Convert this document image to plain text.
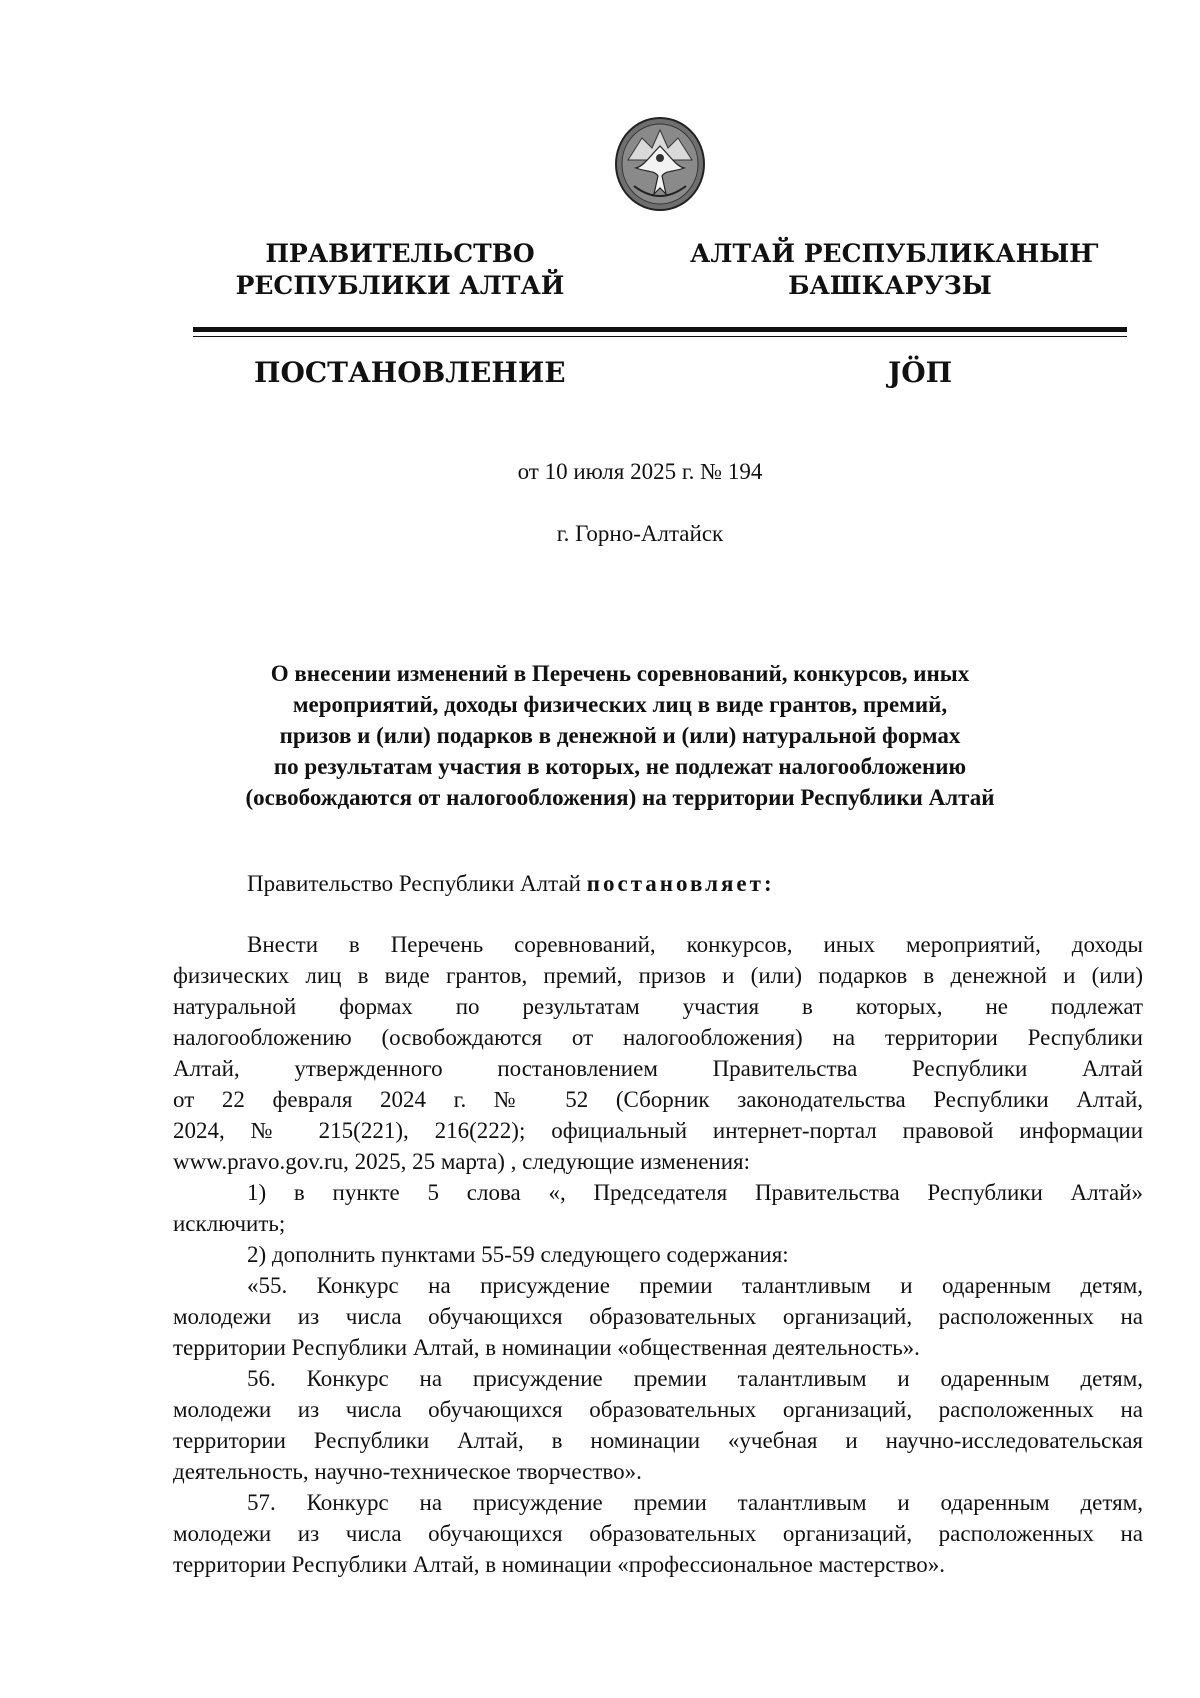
ПРАВИТЕЛЬСТВО
РЕСПУБЛИКИ АЛТАЙ
АЛТАЙ РЕСПУБЛИКАНЫҤ
БАШКАРУЗЫ
ПОСТАНОВЛЕНИЕ	JӦП
от 10 июля 2025 г. № 194
г. Горно-Алтайск
О внесении изменений в Перечень соревнований, конкурсов, иных
мероприятий, доходы физических лиц в виде грантов, премий,
призов и (или) подарков в денежной и (или) натуральной формах
по результатам участия в которых, не подлежат налогообложению
(освобождаются от налогообложения) на территории Республики Алтай

Правительство Республики Алтай постановляет:

Внести в Перечень соревнований, конкурсов, иных мероприятий, доходы
физических лиц в виде грантов, премий, призов и (или) подарков в денежной и (или)
натуральной формах по результатам участия в которых, не подлежат
налогообложению (освобождаются от налогообложения) на территории Республики
Алтай, утвержденного постановлением Правительства Республики Алтай
от 22 февраля 2024 г. № 52 (Сборник законодательства Республики Алтай,
2024, № 215(221), 216(222); официальный интернет-портал правовой информации
www.pravo.gov.ru, 2025, 25 марта) , следующие изменения:

1) в пункте 5 слова «, Председателя Правительства Республики Алтай»
исключить;

2) дополнить пунктами 55-59 следующего содержания:

«55. Конкурс на присуждение премии талантливым и одаренным детям,
молодежи из числа обучающихся образовательных организаций, расположенных на
территории Республики Алтай, в номинации «общественная деятельность».

56. Конкурс на присуждение премии талантливым и одаренным детям,
молодежи из числа обучающихся образовательных организаций, расположенных на
территории Республики Алтай, в номинации «учебная и научно-исследовательская
деятельность, научно-техническое творчество».

57. Конкурс на присуждение премии талантливым и одаренным детям,
молодежи из числа обучающихся образовательных организаций, расположенных на
территории Республики Алтай, в номинации «профессиональное мастерство».
